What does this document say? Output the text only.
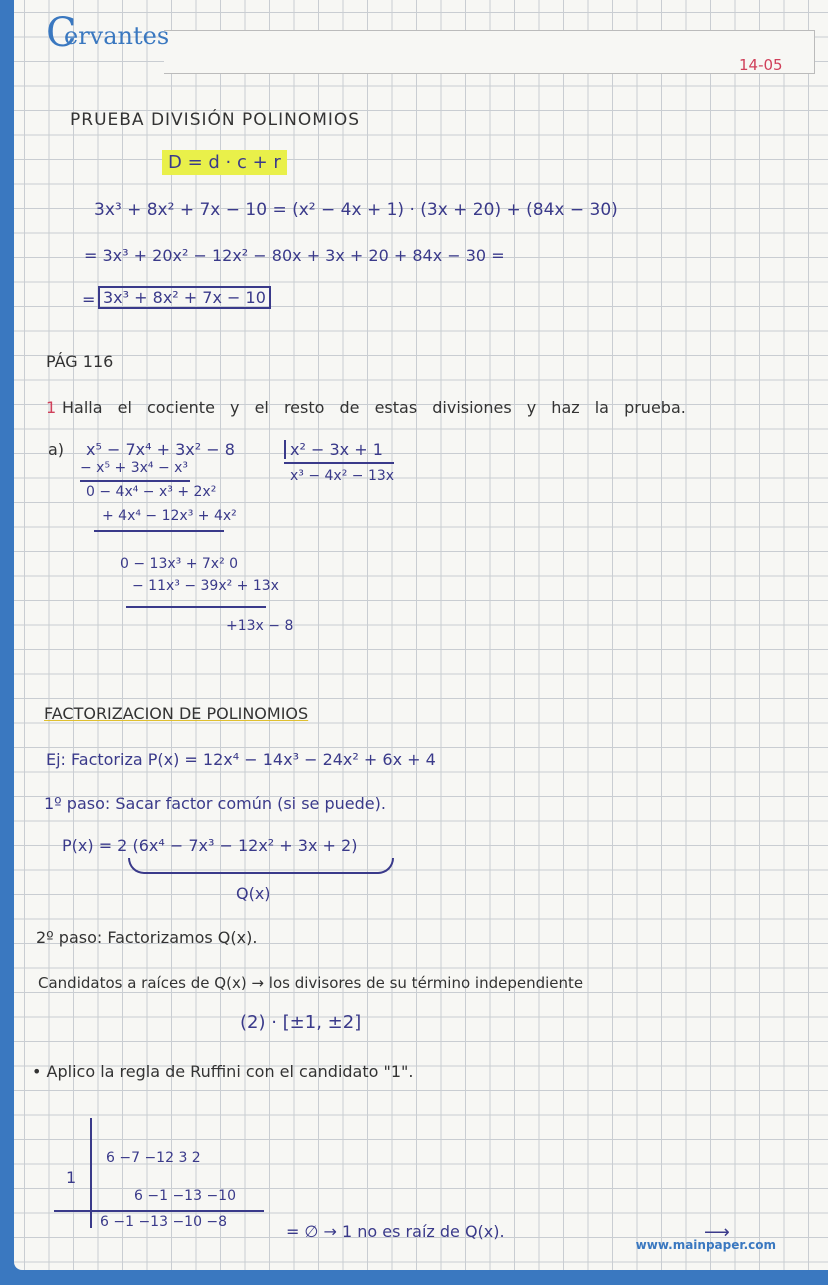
C
ervantes
14-05
PRUEBA DIVISIÓN POLINOMIOS
D = d · c + r
3x³ + 8x² + 7x − 10 = (x² − 4x + 1) · (3x + 20) + (84x − 30)
= 3x³ + 20x² − 12x² − 80x + 3x + 20 + 84x − 30 =
= 3x³ + 8x² + 7x − 10
PÁG 116
1 Halla el cociente y el resto de estas divisiones y haz la prueba.
a) x⁵ − 7x⁴ + 3x² − 8	x² − 3x + 1
x³ − 4x² − 13x
− x⁵ + 3x⁴ − x³
0 − 4x⁴ − x³ + 2x²
+ 4x⁴ − 12x³ + 4x²
0 − 13x³ + 7x² 0
− 11x³ − 39x² + 13x
+13x − 8
FACTORIZACION DE POLINOMIOS
Ej: Factoriza P(x) = 12x⁴ − 14x³ − 24x² + 6x + 4
1º paso: Sacar factor común (si se puede).
P(x) = 2 (6x⁴ − 7x³ − 12x² + 3x + 2)
Q(x)
2º paso: Factorizamos Q(x).
Candidatos a raíces de Q(x) → los divisores de su término independiente
(2) · [±1, ±2]
• Aplico la regla de Ruffini con el candidato "1".
1
6 −7 −12 3 2
6 −1 −13 −10
6 −1 −13 −10 −8	= ∅ → 1 no es raíz de Q(x).	⟶
www.mainpaper.com
